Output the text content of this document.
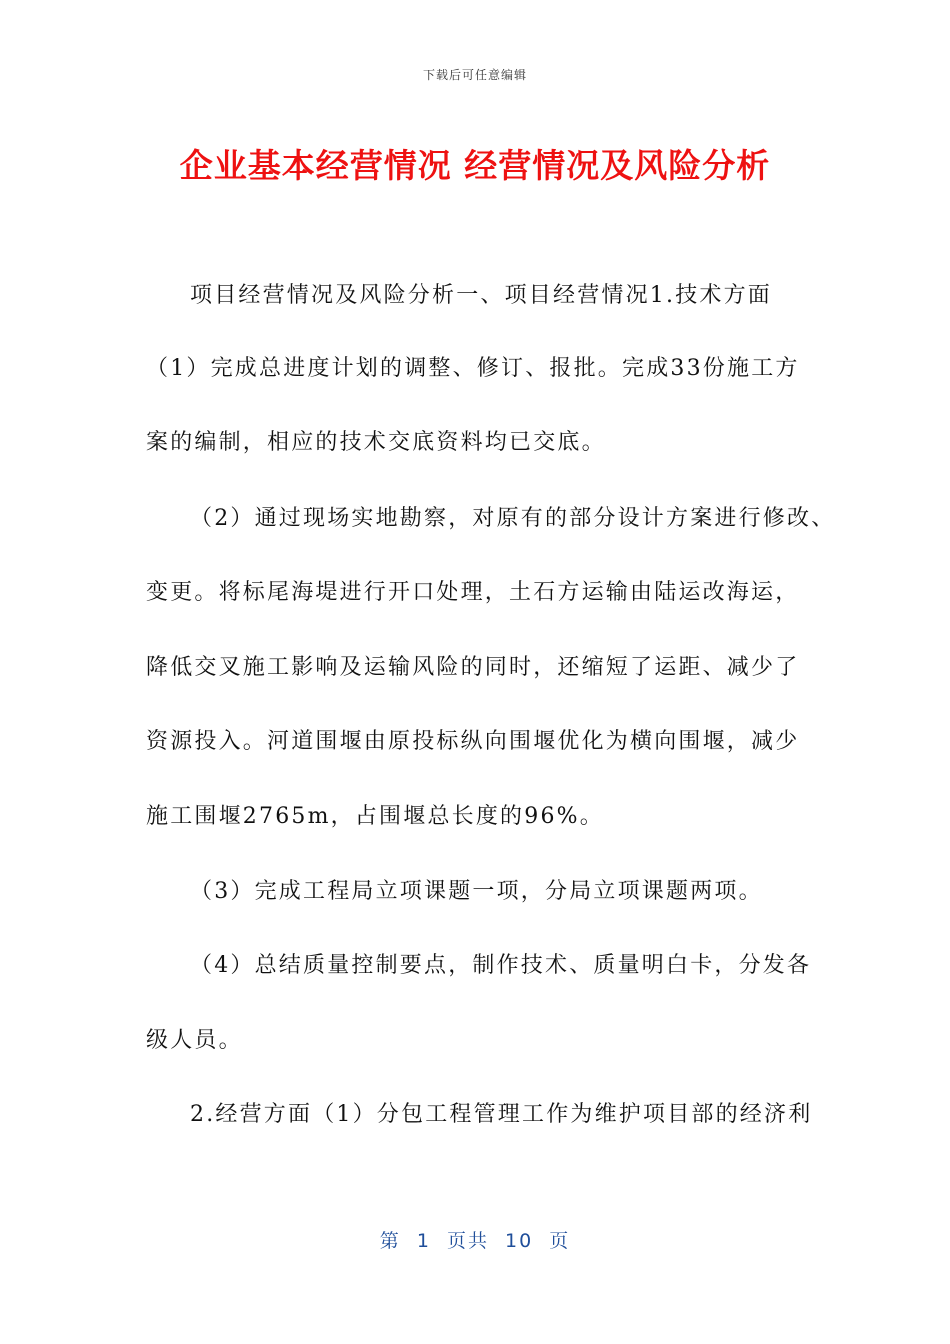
下载后可任意编辑
企业基本经营情况 经营情况及风险分析
项目经营情况及风险分析一、项目经营情况1.技术方面
（1）完成总进度计划的调整、修订、报批。完成33份施工方
案的编制，相应的技术交底资料均已交底。
（2）通过现场实地勘察，对原有的部分设计方案进行修改、
变更。将标尾海堤进行开口处理，土石方运输由陆运改海运，
降低交叉施工影响及运输风险的同时，还缩短了运距、减少了
资源投入。河道围堰由原投标纵向围堰优化为横向围堰，减少
施工围堰2765m，占围堰总长度的96%。
（3）完成工程局立项课题一项，分局立项课题两项。
（4）总结质量控制要点，制作技术、质量明白卡，分发各
级人员。
2.经营方面（1）分包工程管理工作为维护项目部的经济利
第 1 页共 10 页
